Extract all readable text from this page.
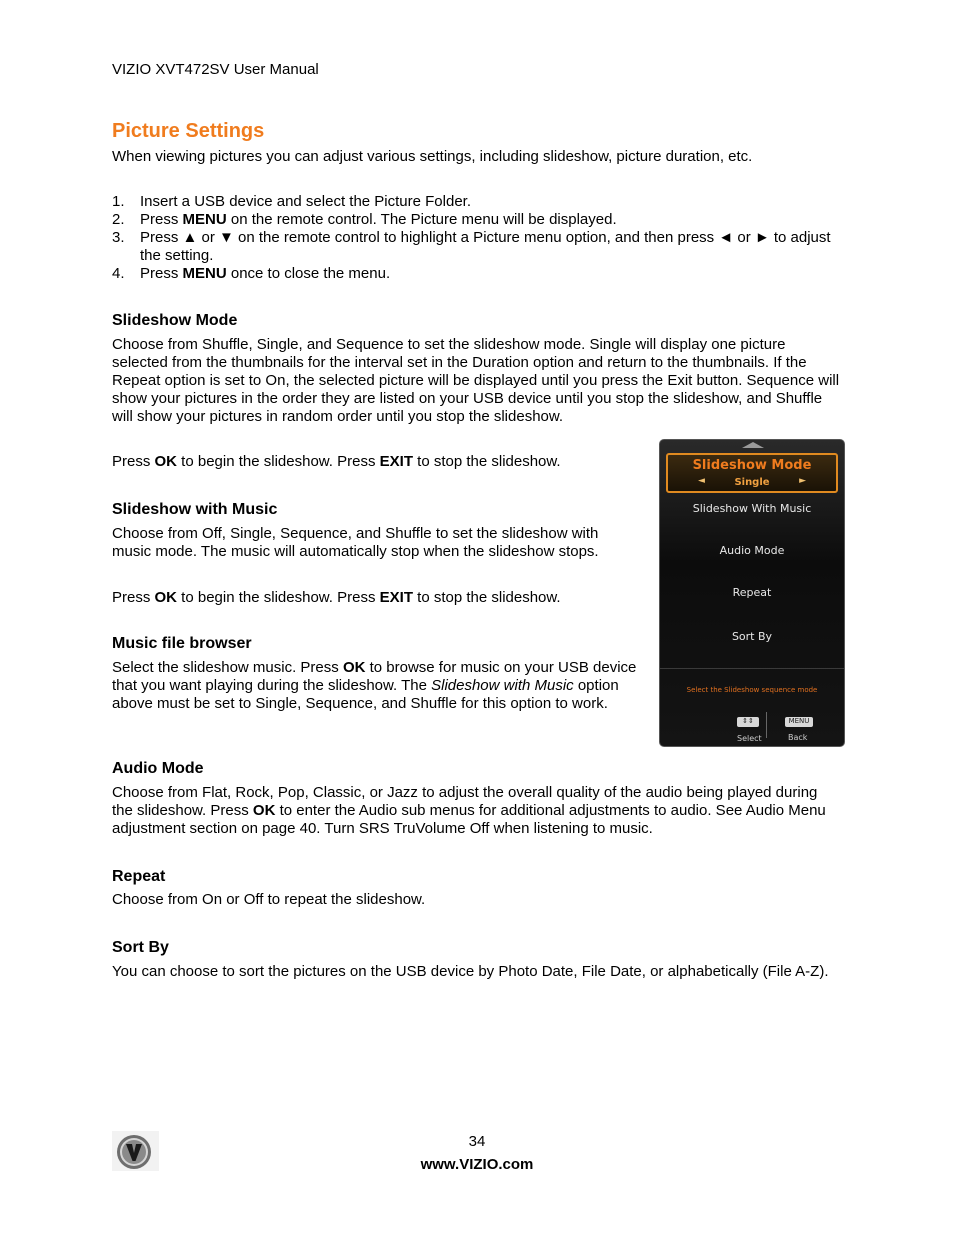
VIZIO XVT472SV User Manual
Picture Settings
When viewing pictures you can adjust various settings, including slideshow, picture duration, etc.
1. Insert a USB device and select the Picture Folder.
2. Press MENU on the remote control. The Picture menu will be displayed.
3. Press ▲ or ▼ on the remote control to highlight a Picture menu option, and then press ◄ or ► to adjust the setting.
4. Press MENU once to close the menu.
Slideshow Mode
Choose from Shuffle, Single, and Sequence to set the slideshow mode. Single will display one picture selected from the thumbnails for the interval set in the Duration option and return to the thumbnails. If the Repeat option is set to On, the selected picture will be displayed until you press the Exit button. Sequence will show your pictures in the order they are listed on your USB device until you stop the slideshow, and Shuffle will show your pictures in random order until you stop the slideshow.
Press OK to begin the slideshow. Press EXIT to stop the slideshow.
Slideshow with Music
Choose from Off, Single, Sequence, and Shuffle to set the slideshow with music mode. The music will automatically stop when the slideshow stops.
Press OK to begin the slideshow. Press EXIT to stop the slideshow.
Music file browser
Select the slideshow music. Press OK to browse for music on your USB device that you want playing during the slideshow. The Slideshow with Music option above must be set to Single, Sequence, and Shuffle for this option to work.
Audio Mode
Choose from Flat, Rock, Pop, Classic, or Jazz to adjust the overall quality of the audio being played during the slideshow. Press OK to enter the Audio sub menus for additional adjustments to audio. See Audio Menu adjustment section on page 40. Turn SRS TruVolume Off when listening to music.
Repeat
Choose from On or Off to repeat the slideshow.
Sort By
You can choose to sort the pictures on the USB device by Photo Date, File Date, or alphabetically (File A-Z).
Slideshow Mode
◄	Single	►
Slideshow With Music
Audio Mode
Repeat
Sort By
Select the Slideshow sequence mode
⇕⇕
Select
MENU
Back
34
www.VIZIO.com
